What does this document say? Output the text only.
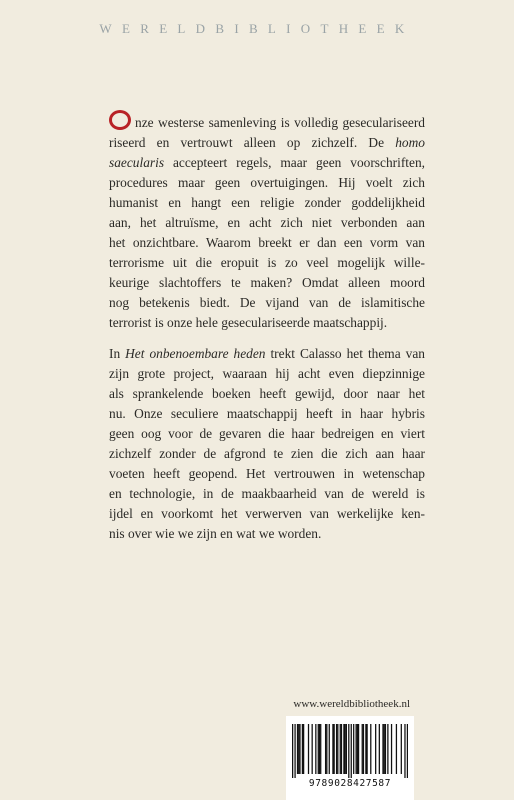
WERELDBIBLIOTHEEK
nze westerse samenleving is volledig geseculariseerd
riseerd en vertrouwt alleen op zichzelf. De homo
saecularis accepteert regels, maar geen voorschriften,
procedures maar geen overtuigingen. Hij voelt zich
humanist en hangt een religie zonder goddelijkheid
aan, het altruïsme, en acht zich niet verbonden aan
het onzichtbare. Waarom breekt er dan een vorm van
terrorisme uit die eropuit is zo veel mogelijk wille-
keurige slachtoffers te maken? Omdat alleen moord
nog betekenis biedt. De vijand van de islamitische
terrorist is onze hele geseculariseerde maatschappij.
In Het onbenoembare heden trekt Calasso het thema van
zijn grote project, waaraan hij acht even diepzinnige
als sprankelende boeken heeft gewijd, door naar het
nu. Onze seculiere maatschappij heeft in haar hybris
geen oog voor de gevaren die haar bedreigen en viert
zichzelf zonder de afgrond te zien die zich aan haar
voeten heeft geopend. Het vertrouwen in wetenschap
en technologie, in de maakbaarheid van de wereld is
ijdel en voorkomt het verwerven van werkelijke ken-
nis over wie we zijn en wat we worden.
www.wereldbibliotheek.nl
9789028427587
